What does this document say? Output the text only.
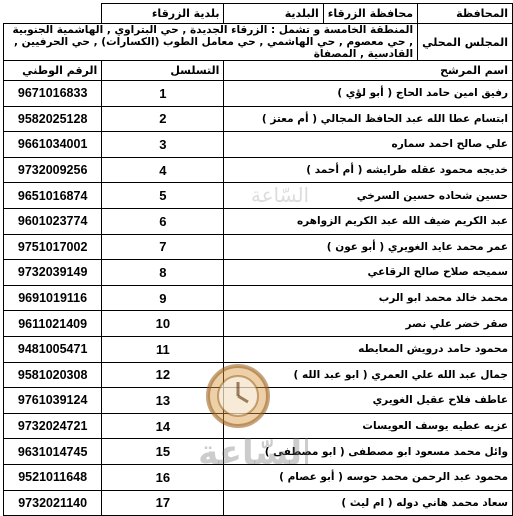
	بلدية الزرقاء	البلدية	محافظة الزرقاء	المحافظة
المنطقة الخامسة و تشمل : الزرقاء الجديدة , حي البتراوي , الهاشمية الجنوبية , حي معصوم , حي الهاشمي , حي معامل الطوب (الكسارات) , حي الحرفيين , القادسية , المصفاة				المجلس المحلي
الرقم الوطني	التسلسل	اسم المرشح		
9671016833	1	رفيق امين حامد الحاج ( أبو لؤي )		
9582025128	2	ابتسام عطا الله عبد الحافظ المجالي ( أم معتز )		
9661034001	3	علي صالح احمد سماره		
9732009256	4	خديجه محمود عقله طرايشه ( أم أحمد )		
9651016874	5	حسين شحاده حسين السرخي		
9601023774	6	عبد الكريم ضيف الله عبد الكريم الزواهره		
9751017002	7	عمر محمد عايد الغويري ( أبو عون )		
9732039149	8	سميحه صلاح صالح الرقاعي		
9691019116	9	محمد خالد محمد ابو الرب		
9611021409	10	صقر خضر علي نصر		
9481005471	11	محمود حامد درويش المعايطه		
9581020308	12	جمال عبد الله علي العمري ( ابو عبد الله )		
9761039124	13	عاطف فلاح عقيل الغويري		
9732024721	14	عزيه عطيه يوسف العويسات		
9631014745	15	وائل محمد مسعود ابو مصطفى ( ابو مصطفى )		
9521011648	16	محمود عبد الرحمن محمد حوسه ( أبو عصام )		
9732021140	17	سعاد محمد هاني دوله ( ام ليث )		
السّاعة
السّاعة
